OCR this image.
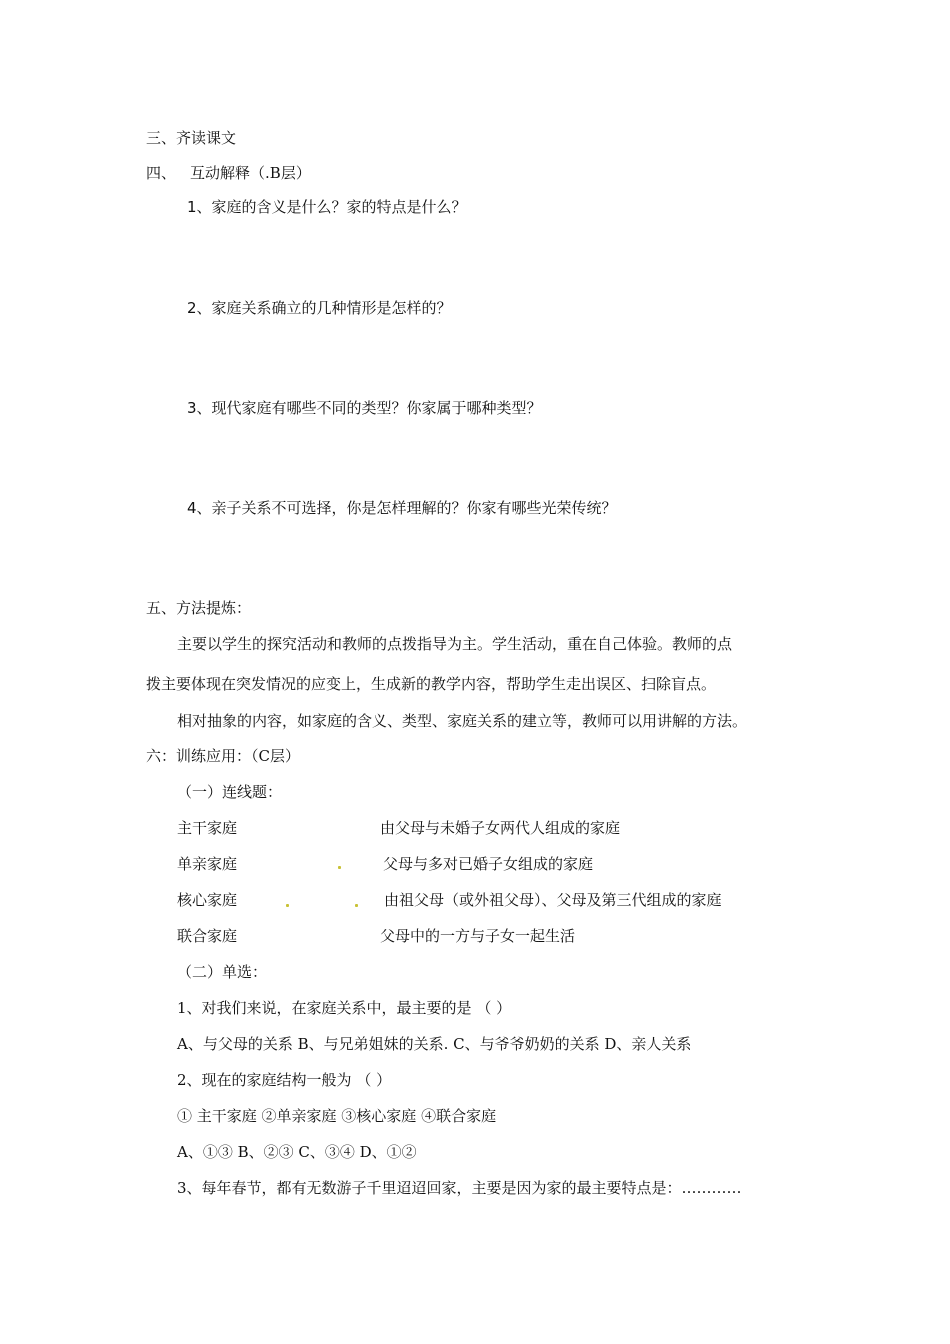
三、齐读课文
四、 互动解释（.B层）
1、家庭的含义是什么？家的特点是什么？
2、家庭关系确立的几种情形是怎样的？
3、现代家庭有哪些不同的类型？你家属于哪种类型？
4、亲子关系不可选择，你是怎样理解的？你家有哪些光荣传统？
五、方法提炼：
主要以学生的探究活动和教师的点拨指导为主。学生活动，重在自己体验。教师的点
拨主要体现在突发情况的应变上，生成新的教学内容，帮助学生走出误区、扫除盲点。
相对抽象的内容，如家庭的含义、类型、家庭关系的建立等，教师可以用讲解的方法。
六：训练应用：（C层）
（一）连线题：
主干家庭	由父母与未婚子女两代人组成的家庭
单亲家庭	父母与多对已婚子女组成的家庭
核心家庭	由祖父母（或外祖父母）、父母及第三代组成的家庭
联合家庭	父母中的一方与子女一起生活
（二）单选：
1、对我们来说，在家庭关系中，最主要的是 （ ）
A、与父母的关系 B、与兄弟姐妹的关系. C、与爷爷奶奶的关系 D、亲人关系
2、现在的家庭结构一般为 （ ）
① 主干家庭 ②单亲家庭 ③核心家庭 ④联合家庭
A、①③ B、②③ C、③④ D、①②
3、每年春节，都有无数游子千里迢迢回家，主要是因为家的最主要特点是：…………
